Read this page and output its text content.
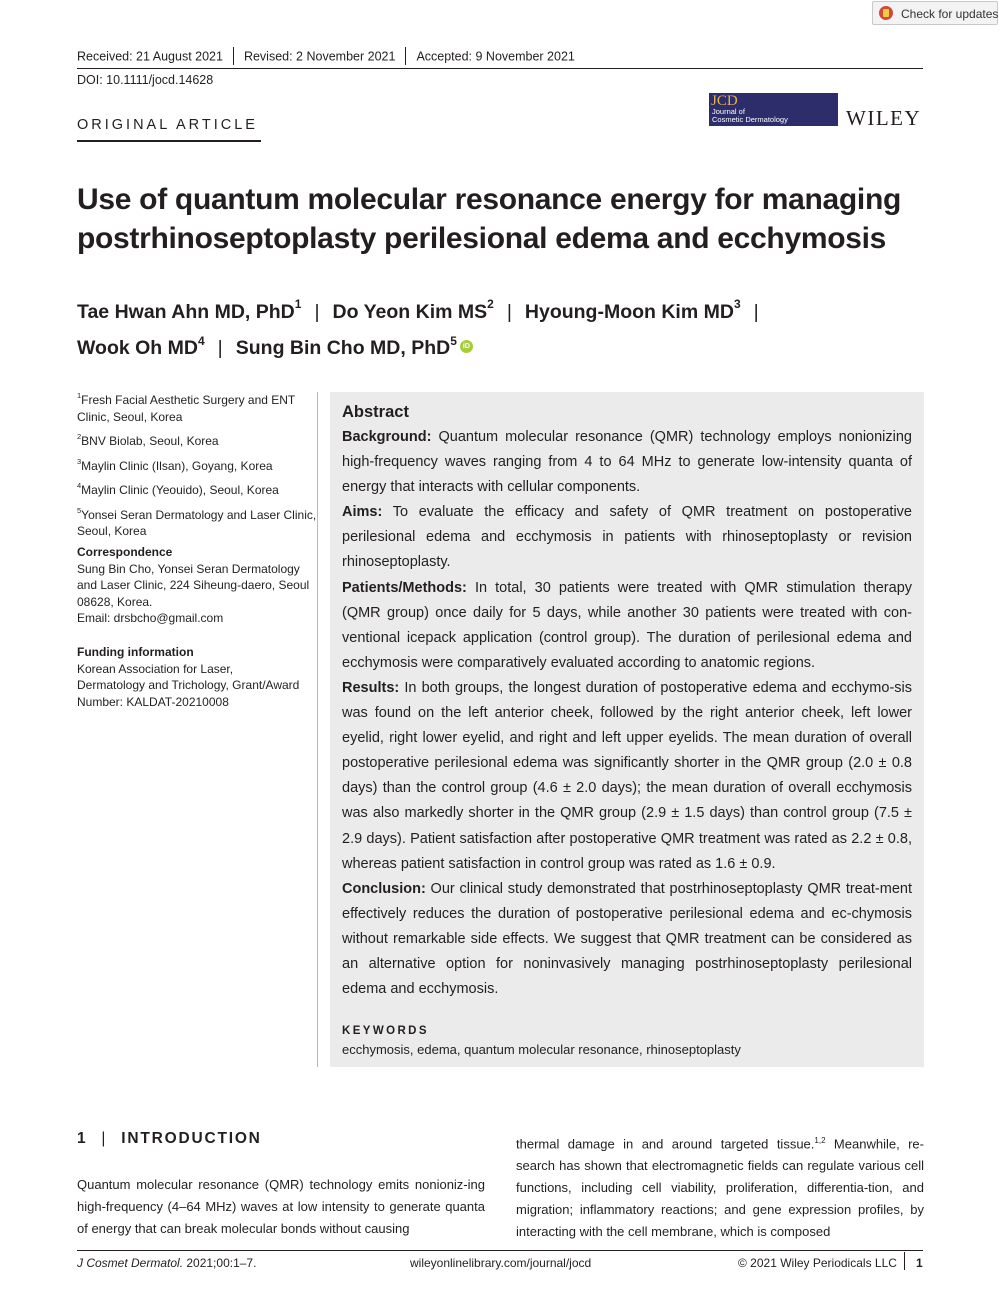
Check for updates
Received: 21 August 2021 Revised: 2 November 2021 Accepted: 9 November 2021
DOI: 10.1111/jocd.14628
JCD
Journal of
Cosmetic Dermatology	WILEY
ORIGINAL ARTICLE
Use of quantum molecular resonance energy for managing postrhinoseptoplasty perilesional edema and ecchymosis
Tae Hwan Ahn MD, PhD$^1$ | Do Yeon Kim $MS^2$ | Hyoung-Moon Kim $MD^3$ |
Wook Oh $MD^4$ | Sung Bin Cho MD, PhD$^5$ iD
$^1$Fresh Facial Aesthetic Surgery and ENT Clinic, Seoul, Korea
$^2$BNV Biolab, Seoul, Korea
$^3$Maylin Clinic (Ilsan), Goyang, Korea
$^4$Maylin Clinic (Yeouido), Seoul, Korea
$^5$Yonsei Seran Dermatology and Laser Clinic, Seoul, Korea
Correspondence
Sung Bin Cho, Yonsei Seran Dermatology
and Laser Clinic, 224 Siheung-daero, Seoul
08628, Korea.
Email: drsbcho@gmail.com
Funding information
Korean Association for Laser,
Dermatology and Trichology, Grant/Award
Number: KALDAT-20210008
Abstract
Background: Quantum molecular resonance (QMR) technology employs nonionizing high-frequency waves ranging from 4 to 64 MHz to generate low-intensity quanta of energy that interacts with cellular components.
Aims: To evaluate the efficacy and safety of QMR treatment on postoperative perilesional edema and ecchymosis in patients with rhinoseptoplasty or revision rhinoseptoplasty.
Patients/Methods: In total, 30 patients were treated with QMR stimulation therapy (QMR group) once daily for 5 days, while another 30 patients were treated with con-ventional icepack application (control group). The duration of perilesional edema and ecchymosis were comparatively evaluated according to anatomic regions.
Results: In both groups, the longest duration of postoperative edema and ecchymo-sis was found on the left anterior cheek, followed by the right anterior cheek, left lower eyelid, right lower eyelid, and right and left upper eyelids. The mean duration of overall postoperative perilesional edema was significantly shorter in the QMR group (2.0 ± 0.8 days) than the control group (4.6 ± 2.0 days); the mean duration of overall ecchymosis was also markedly shorter in the QMR group (2.9 ± 1.5 days) than control group (7.5 ± 2.9 days). Patient satisfaction after postoperative QMR treatment was rated as 2.2 ± 0.8, whereas patient satisfaction in control group was rated as 1.6 ± 0.9.
Conclusion: Our clinical study demonstrated that postrhinoseptoplasty QMR treat-ment effectively reduces the duration of postoperative perilesional edema and ec-chymosis without remarkable side effects. We suggest that QMR treatment can be considered as an alternative option for noninvasively managing postrhinoseptoplasty perilesional edema and ecchymosis.
KEYWORDS
ecchymosis, edema, quantum molecular resonance, rhinoseptoplasty
1 | INTRODUCTION
Quantum molecular resonance (QMR) technology emits nonioniz-ing high-frequency (4–64 MHz) waves at low intensity to generate quanta of energy that can break molecular bonds without causing
thermal damage in and around targeted tissue.$^{1,2}$ Meanwhile, re-search has shown that electromagnetic fields can regulate various cell functions, including cell viability, proliferation, differentia-tion, and migration; inflammatory reactions; and gene expression profiles, by interacting with the cell membrane, which is composed
J Cosmet Dermatol. 2021;00:1–7.	wileyonlinelibrary.com/journal/jocd	© 2021 Wiley Periodicals LLC 1
